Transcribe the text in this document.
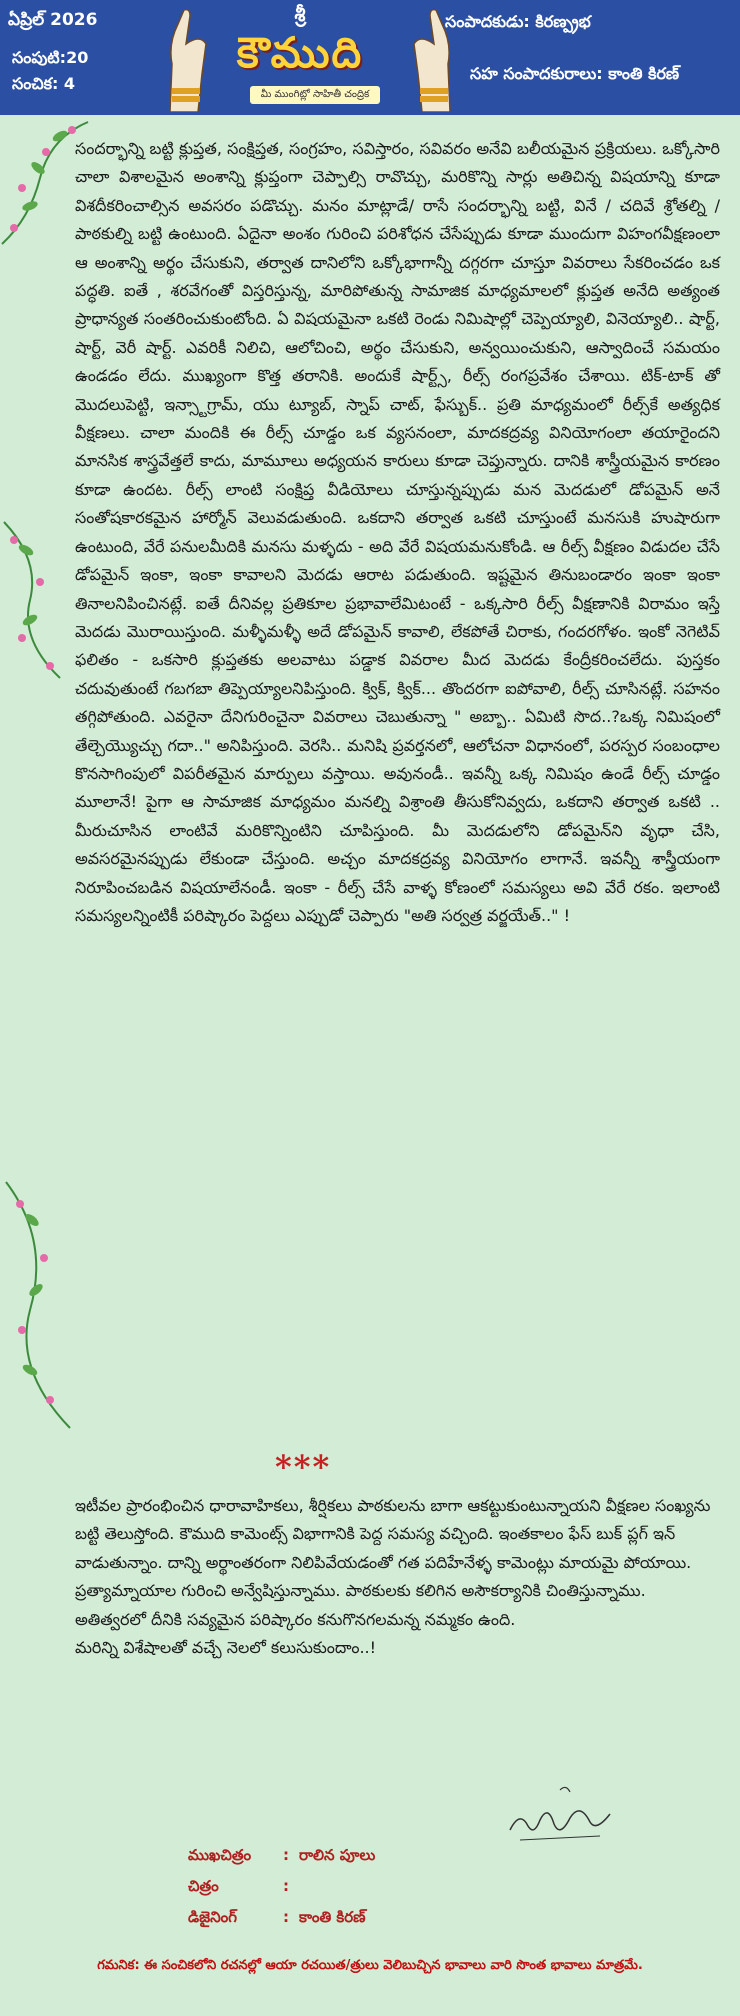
ఏప్రిల్ 2026
సంపుటి:20
సంచిక: 4
శ్రీ
కౌముది
మీ ముంగిట్లో సాహితీ చంద్రిక
సంపాదకుడు: కిరణ్ప్రభ
సహ సంపాదకురాలు: కాంతి కిరణ్

సందర్భాన్ని బట్టి క్లుప్తత, సంక్షిప్తత, సంగ్రహం, సవిస్తారం, సవివరం అనేవి బలీయమైన ప్రక్రియలు. ఒక్కోసారి చాలా విశాలమైన అంశాన్ని క్లుప్తంగా చెప్పాల్సి రావొచ్చు, మరికొన్ని సార్లు అతిచిన్న విషయాన్ని కూడా విశదీకరించాల్సిన అవసరం పడొచ్చు. మనం మాట్లాడే/ రాసే సందర్భాన్ని బట్టి, వినే / చదివే శ్రోతల్ని / పాఠకుల్ని బట్టి ఉంటుంది. ఏదైనా అంశం గురించి పరిశోధన చేసేప్పుడు కూడా ముందుగా విహంగవీక్షణంలా ఆ అంశాన్ని అర్థం చేసుకుని, తర్వాత దానిలోని ఒక్కోభాగాన్నీ దగ్గరగా చూస్తూ వివరాలు సేకరించడం ఒక పద్ధతి. ఐతే , శరవేగంతో విస్తరిస్తున్న, మారిపోతున్న సామాజిక మాధ్యమాలలో క్లుప్తత అనేది అత్యంత ప్రాధాన్యత సంతరించుకుంటోంది. ఏ విషయమైనా ఒకటి రెండు నిమిషాల్లో చెప్పెయ్యాలి, వినెయ్యాలి.. షార్ట్, షార్ట్, వెరీ షార్ట్. ఎవరికీ నిలిచి, ఆలోచించి, అర్థం చేసుకుని, అన్వయించుకుని, ఆస్వాదించే సమయం ఉండడం లేదు. ముఖ్యంగా కొత్త తరానికి. అందుకే షార్ట్స్, రీల్స్ రంగప్రవేశం చేశాయి. టిక్-టాక్ తో మొదలుపెట్టి, ఇన్స్టాగ్రామ్, యు ట్యూబ్, స్నాప్ చాట్, ఫేస్బుక్.. ప్రతి మాధ్యమంలో రీల్స్‌కే అత్యధిక వీక్షణలు. చాలా మందికి ఈ రీల్స్ చూడ్డం ఒక వ్యసనంలా, మాదకద్రవ్య వినియోగంలా తయారైందని మానసిక శాస్త్రవేత్తలే కాదు, మామూలు అధ్యయన కారులు కూడా చెప్తున్నారు. దానికి శాస్త్రీయమైన కారణం కూడా ఉందట. రీల్స్ లాంటి సంక్షిప్త వీడియోలు చూస్తున్నప్పుడు మన మెదడులో డోపమైన్ అనే సంతోషకారకమైన హార్మోన్ వెలువడుతుంది. ఒకదాని తర్వాత ఒకటి చూస్తుంటే మనసుకి హుషారుగా ఉంటుంది, వేరే పనులమీదికి మనసు మళ్ళదు - అది వేరే విషయమనుకోండి. ఆ రీల్స్ వీక్షణం విడుదల చేసే డోపమైన్ ఇంకా, ఇంకా కావాలని మెదడు ఆరాట పడుతుంది. ఇష్టమైన తినుబండారం ఇంకా ఇంకా తినాలనిపించినట్లే. ఐతే దీనివల్ల ప్రతికూల ప్రభావాలేమిటంటే - ఒక్కసారి రీల్స్ వీక్షణానికి విరామం ఇస్తే మెదడు మొరాయిస్తుంది. మళ్ళీమళ్ళీ అదే డోపమైన్ కావాలి, లేకపోతే చిరాకు, గందరగోళం. ఇంకో నెగెటివ్ ఫలితం - ఒకసారి క్లుప్తతకు అలవాటు పడ్డాక వివరాల మీద మెదడు కేంద్రీకరించలేదు. పుస్తకం చదువుతుంటే గబగబా తిప్పెయ్యాలనిపిస్తుంది. క్విక్, క్విక్... తొందరగా ఐపోవాలి, రీల్స్ చూసినట్లే. సహనం తగ్గిపోతుంది. ఎవరైనా దేనిగురించైనా వివరాలు చెబుతున్నా " అబ్బా.. ఏమిటి సొద..?ఒక్క నిమిషంలో తేల్చెయ్యొచ్చు గదా.." అనిపిస్తుంది. వెరసి.. మనిషి ప్రవర్తనలో, ఆలోచనా విధానంలో, పరస్పర సంబంధాల కొనసాగింపులో విపరీతమైన మార్పులు వస్తాయి. అవునండీ.. ఇవన్నీ ఒక్క నిమిషం ఉండే రీల్స్ చూడ్డం మూలానే! పైగా ఆ సామాజిక మాధ్యమం మనల్ని విశ్రాంతి తీసుకోనివ్వదు, ఒకదాని తర్వాత ఒకటి .. మీరుచూసిన లాంటివే మరికొన్నింటిని చూపిస్తుంది. మీ మెదడులోని డోపమైన్‌ని వృధా చేసి, అవసరమైనప్పుడు లేకుండా చేస్తుంది. అచ్చం మాదకద్రవ్య వినియోగం లాగానే. ఇవన్నీ శాస్త్రీయంగా నిరూపించబడిన విషయాలేనండీ. ఇంకా - రీల్స్ చేసే వాళ్ళ కోణంలో సమస్యలు అవి వేరే రకం. ఇలాంటి సమస్యలన్నింటికీ పరిష్కారం పెద్దలు ఎప్పుడో చెప్పారు "అతి సర్వత్ర వర్జయేత్.." !

***

ఇటీవల ప్రారంభించిన ధారావాహికలు, శీర్షికలు పాఠకులను బాగా ఆకట్టుకుంటున్నాయని వీక్షణల సంఖ్యను బట్టి తెలుస్తోంది. కౌముది కామెంట్స్ విభాగానికి పెద్ద సమస్య వచ్చింది. ఇంతకాలం ఫేస్ బుక్ ప్లగ్ ఇన్ వాడుతున్నాం. దాన్ని అర్థాంతరంగా నిలిపివేయడంతో గత పదిహేనేళ్ళ కామెంట్లు మాయమై పోయాయి. ప్రత్యామ్నాయాల గురించి అన్వేషిస్తున్నాము. పాఠకులకు కలిగిన అసౌకర్యానికి చింతిస్తున్నాము. అతిత్వరలో దీనికి సవ్యమైన పరిష్కారం కనుగొనగలమన్న నమ్మకం ఉంది.

మరిన్ని విశేషాలతో వచ్చే నెలలో కలుసుకుందాం..!

ముఖచిత్రం	: రాలిన పూలు
చిత్రం	:
డిజైనింగ్	: కాంతి కిరణ్
గమనిక: ఈ సంచికలోని రచనల్లో ఆయా రచయిత/త్రులు వెలిబుచ్చిన భావాలు వారి సొంత భావాలు మాత్రమే.
